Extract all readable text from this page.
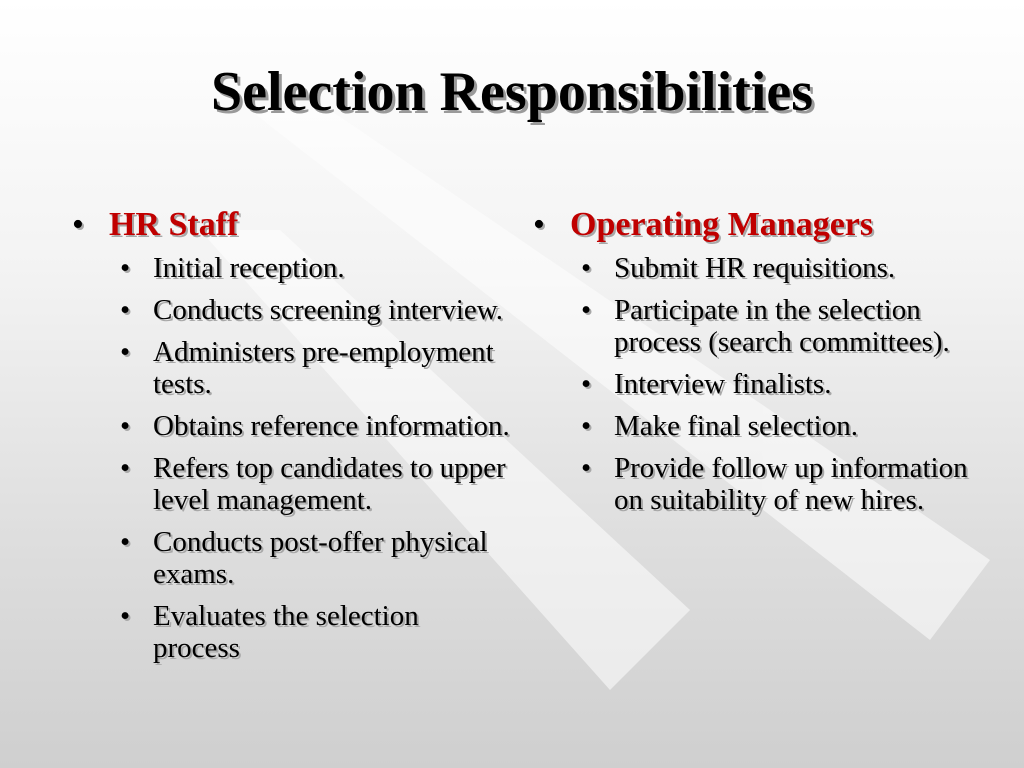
Selection Responsibilities
• HR Staff
• Initial reception.
• Conducts screening interview.
• Administers pre-employment tests.
• Obtains reference information.
• Refers top candidates to upper level management.
• Conducts post-offer physical exams.
• Evaluates the selection process
• Operating Managers
• Submit HR requisitions.
• Participate in the selection process (search committees).
• Interview finalists.
• Make final selection.
• Provide follow up information on suitability of new hires.
